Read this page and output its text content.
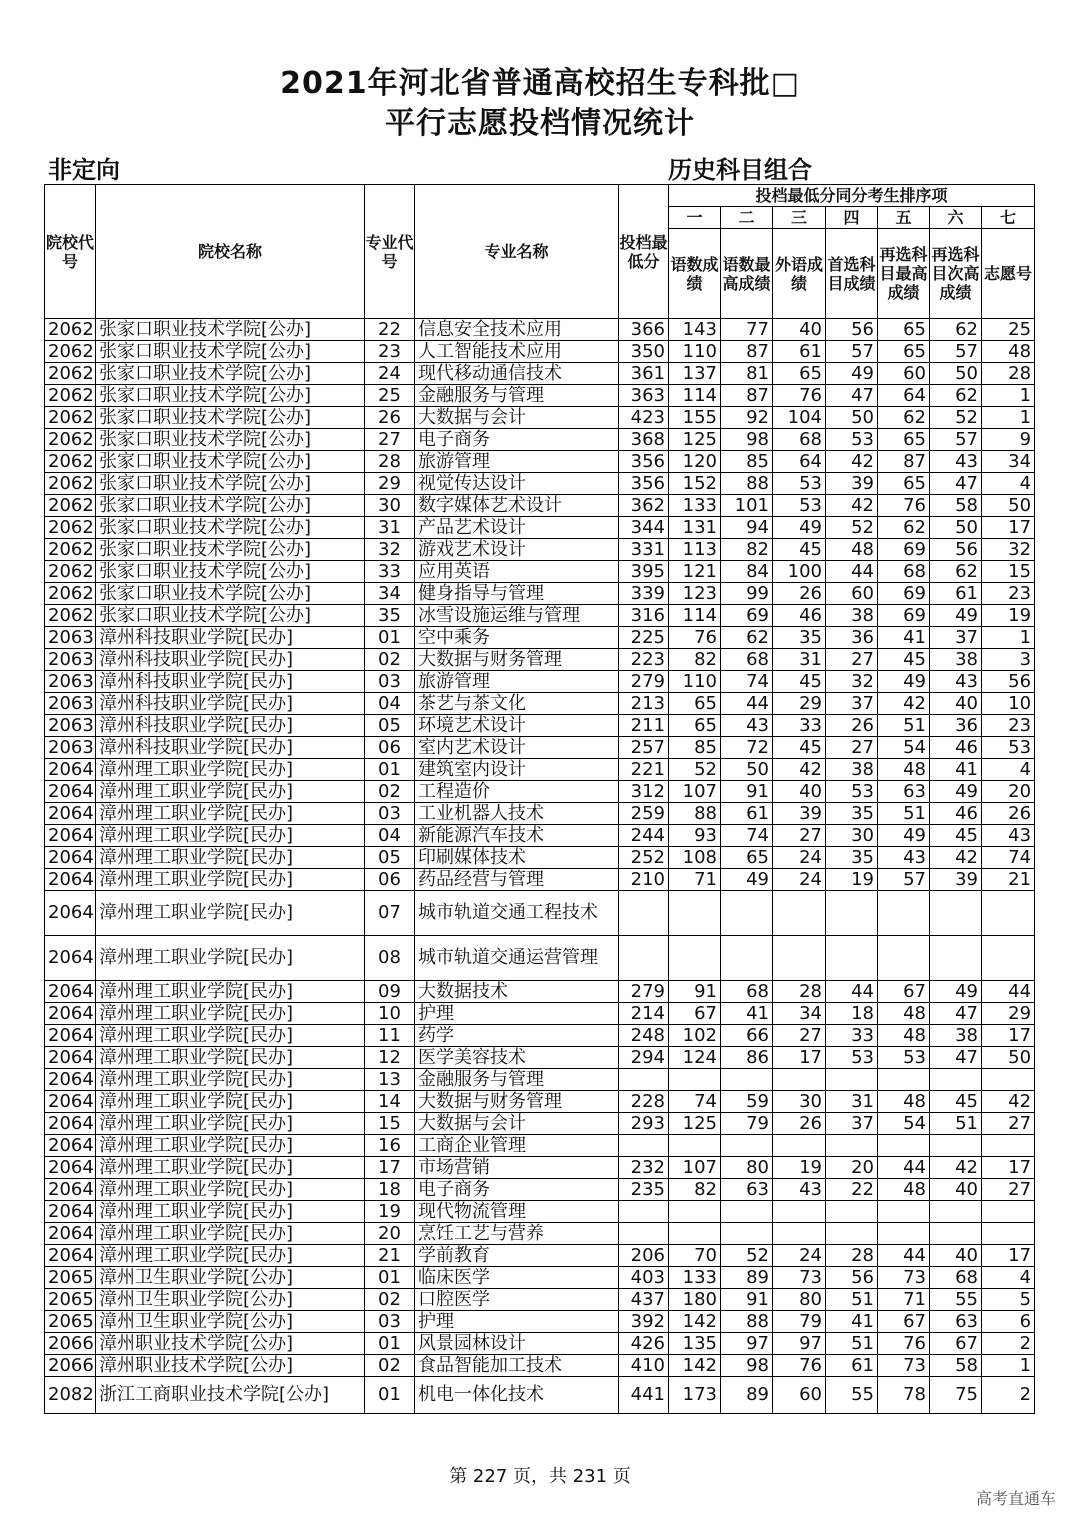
2021年河北省普通高校招生专科批□
平行志愿投档情况统计
非定向	历史科目组合
院校代号	院校名称	专业代号	专业名称	投档最低分	投档最低分同分考生排序项						
					一	二	三	四	五	六	七
					语数成绩	语数最高成绩	外语成绩	首选科目成绩	再选科目最高成绩	再选科目次高成绩	志愿号
2062	张家口职业技术学院[公办]	22	信息安全技术应用	366	143	77	40	56	65	62	25
2062	张家口职业技术学院[公办]	23	人工智能技术应用	350	110	87	61	57	65	57	48
2062	张家口职业技术学院[公办]	24	现代移动通信技术	361	137	81	65	49	60	50	28
2062	张家口职业技术学院[公办]	25	金融服务与管理	363	114	87	76	47	64	62	1
2062	张家口职业技术学院[公办]	26	大数据与会计	423	155	92	104	50	62	52	1
2062	张家口职业技术学院[公办]	27	电子商务	368	125	98	68	53	65	57	9
2062	张家口职业技术学院[公办]	28	旅游管理	356	120	85	64	42	87	43	34
2062	张家口职业技术学院[公办]	29	视觉传达设计	356	152	88	53	39	65	47	4
2062	张家口职业技术学院[公办]	30	数字媒体艺术设计	362	133	101	53	42	76	58	50
2062	张家口职业技术学院[公办]	31	产品艺术设计	344	131	94	49	52	62	50	17
2062	张家口职业技术学院[公办]	32	游戏艺术设计	331	113	82	45	48	69	56	32
2062	张家口职业技术学院[公办]	33	应用英语	395	121	84	100	44	68	62	15
2062	张家口职业技术学院[公办]	34	健身指导与管理	339	123	99	26	60	69	61	23
2062	张家口职业技术学院[公办]	35	冰雪设施运维与管理	316	114	69	46	38	69	49	19
2063	漳州科技职业学院[民办]	01	空中乘务	225	76	62	35	36	41	37	1
2063	漳州科技职业学院[民办]	02	大数据与财务管理	223	82	68	31	27	45	38	3
2063	漳州科技职业学院[民办]	03	旅游管理	279	110	74	45	32	49	43	56
2063	漳州科技职业学院[民办]	04	茶艺与茶文化	213	65	44	29	37	42	40	10
2063	漳州科技职业学院[民办]	05	环境艺术设计	211	65	43	33	26	51	36	23
2063	漳州科技职业学院[民办]	06	室内艺术设计	257	85	72	45	27	54	46	53
2064	漳州理工职业学院[民办]	01	建筑室内设计	221	52	50	42	38	48	41	4
2064	漳州理工职业学院[民办]	02	工程造价	312	107	91	40	53	63	49	20
2064	漳州理工职业学院[民办]	03	工业机器人技术	259	88	61	39	35	51	46	26
2064	漳州理工职业学院[民办]	04	新能源汽车技术	244	93	74	27	30	49	45	43
2064	漳州理工职业学院[民办]	05	印刷媒体技术	252	108	65	24	35	43	42	74
2064	漳州理工职业学院[民办]	06	药品经营与管理	210	71	49	24	19	57	39	21
2064	漳州理工职业学院[民办]	07	城市轨道交通工程技术								
2064	漳州理工职业学院[民办]	08	城市轨道交通运营管理								
2064	漳州理工职业学院[民办]	09	大数据技术	279	91	68	28	44	67	49	44
2064	漳州理工职业学院[民办]	10	护理	214	67	41	34	18	48	47	29
2064	漳州理工职业学院[民办]	11	药学	248	102	66	27	33	48	38	17
2064	漳州理工职业学院[民办]	12	医学美容技术	294	124	86	17	53	53	47	50
2064	漳州理工职业学院[民办]	13	金融服务与管理								
2064	漳州理工职业学院[民办]	14	大数据与财务管理	228	74	59	30	31	48	45	42
2064	漳州理工职业学院[民办]	15	大数据与会计	293	125	79	26	37	54	51	27
2064	漳州理工职业学院[民办]	16	工商企业管理								
2064	漳州理工职业学院[民办]	17	市场营销	232	107	80	19	20	44	42	17
2064	漳州理工职业学院[民办]	18	电子商务	235	82	63	43	22	48	40	27
2064	漳州理工职业学院[民办]	19	现代物流管理								
2064	漳州理工职业学院[民办]	20	烹饪工艺与营养								
2064	漳州理工职业学院[民办]	21	学前教育	206	70	52	24	28	44	40	17
2065	漳州卫生职业学院[公办]	01	临床医学	403	133	89	73	56	73	68	4
2065	漳州卫生职业学院[公办]	02	口腔医学	437	180	91	80	51	71	55	5
2065	漳州卫生职业学院[公办]	03	护理	392	142	88	79	41	67	63	6
2066	漳州职业技术学院[公办]	01	风景园林设计	426	135	97	97	51	76	67	2
2066	漳州职业技术学院[公办]	02	食品智能加工技术	410	142	98	76	61	73	58	1
2082	浙江工商职业技术学院[公办]	01	机电一体化技术	441	173	89	60	55	78	75	2
第 227 页，共 231 页
高考直通车
